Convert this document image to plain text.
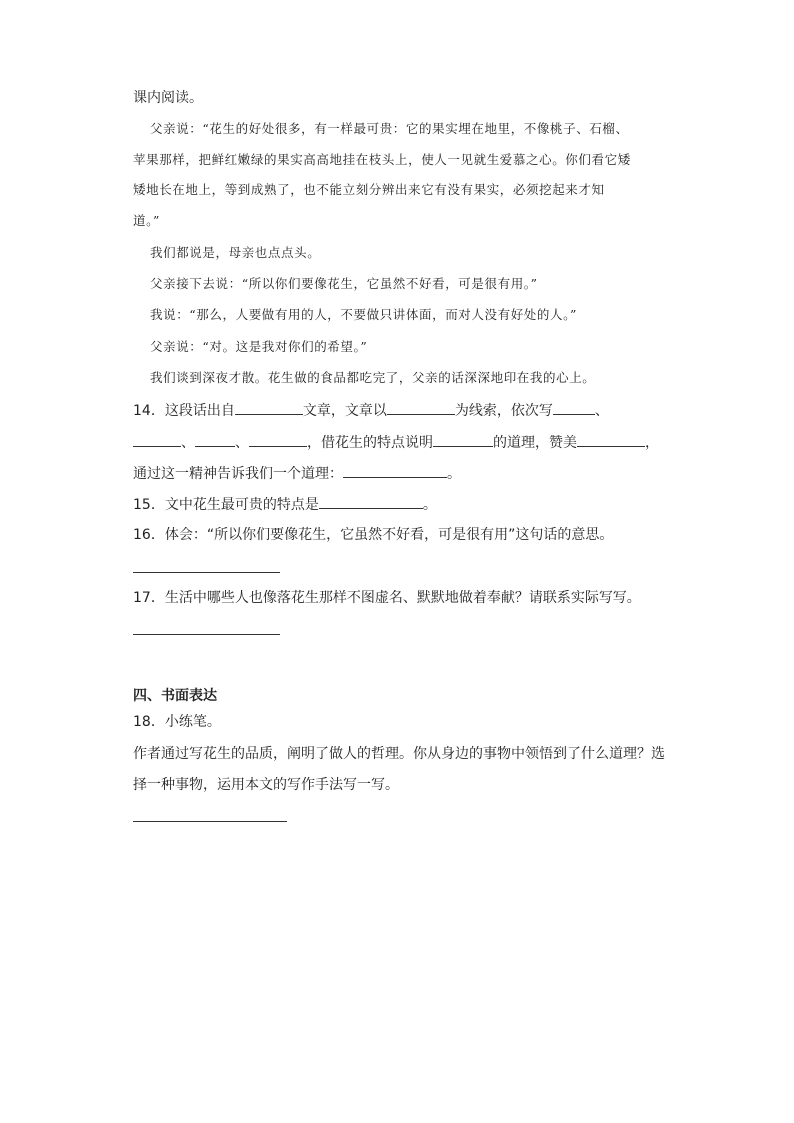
课内阅读。
父亲说：“花生的好处很多，有一样最可贵：它的果实埋在地里，不像桃子、石榴、
苹果那样，把鲜红嫩绿的果实高高地挂在枝头上，使人一见就生爱慕之心。你们看它矮
矮地长在地上，等到成熟了，也不能立刻分辨出来它有没有果实，必须挖起来才知
道。”
我们都说是，母亲也点点头。
父亲接下去说：“所以你们要像花生，它虽然不好看，可是很有用。”
我说：“那么，人要做有用的人，不要做只讲体面，而对人没有好处的人。”
父亲说：“对。这是我对你们的希望。”
我们谈到深夜才散。花生做的食品都吃完了，父亲的话深深地印在我的心上。
14．这段话出自	文章，文章以	为线索，依次写	、
、	、	，借花生的特点说明	的道理，赞美	，
通过这一精神告诉我们一个道理：	。
15．文中花生最可贵的特点是	。
16．体会：“所以你们要像花生，它虽然不好看，可是很有用”这句话的意思。
17．生活中哪些人也像落花生那样不图虚名、默默地做着奉献？请联系实际写写。
四、书面表达
18．小练笔。
作者通过写花生的品质，阐明了做人的哲理。你从身边的事物中领悟到了什么道理？选
择一种事物，运用本文的写作手法写一写。
